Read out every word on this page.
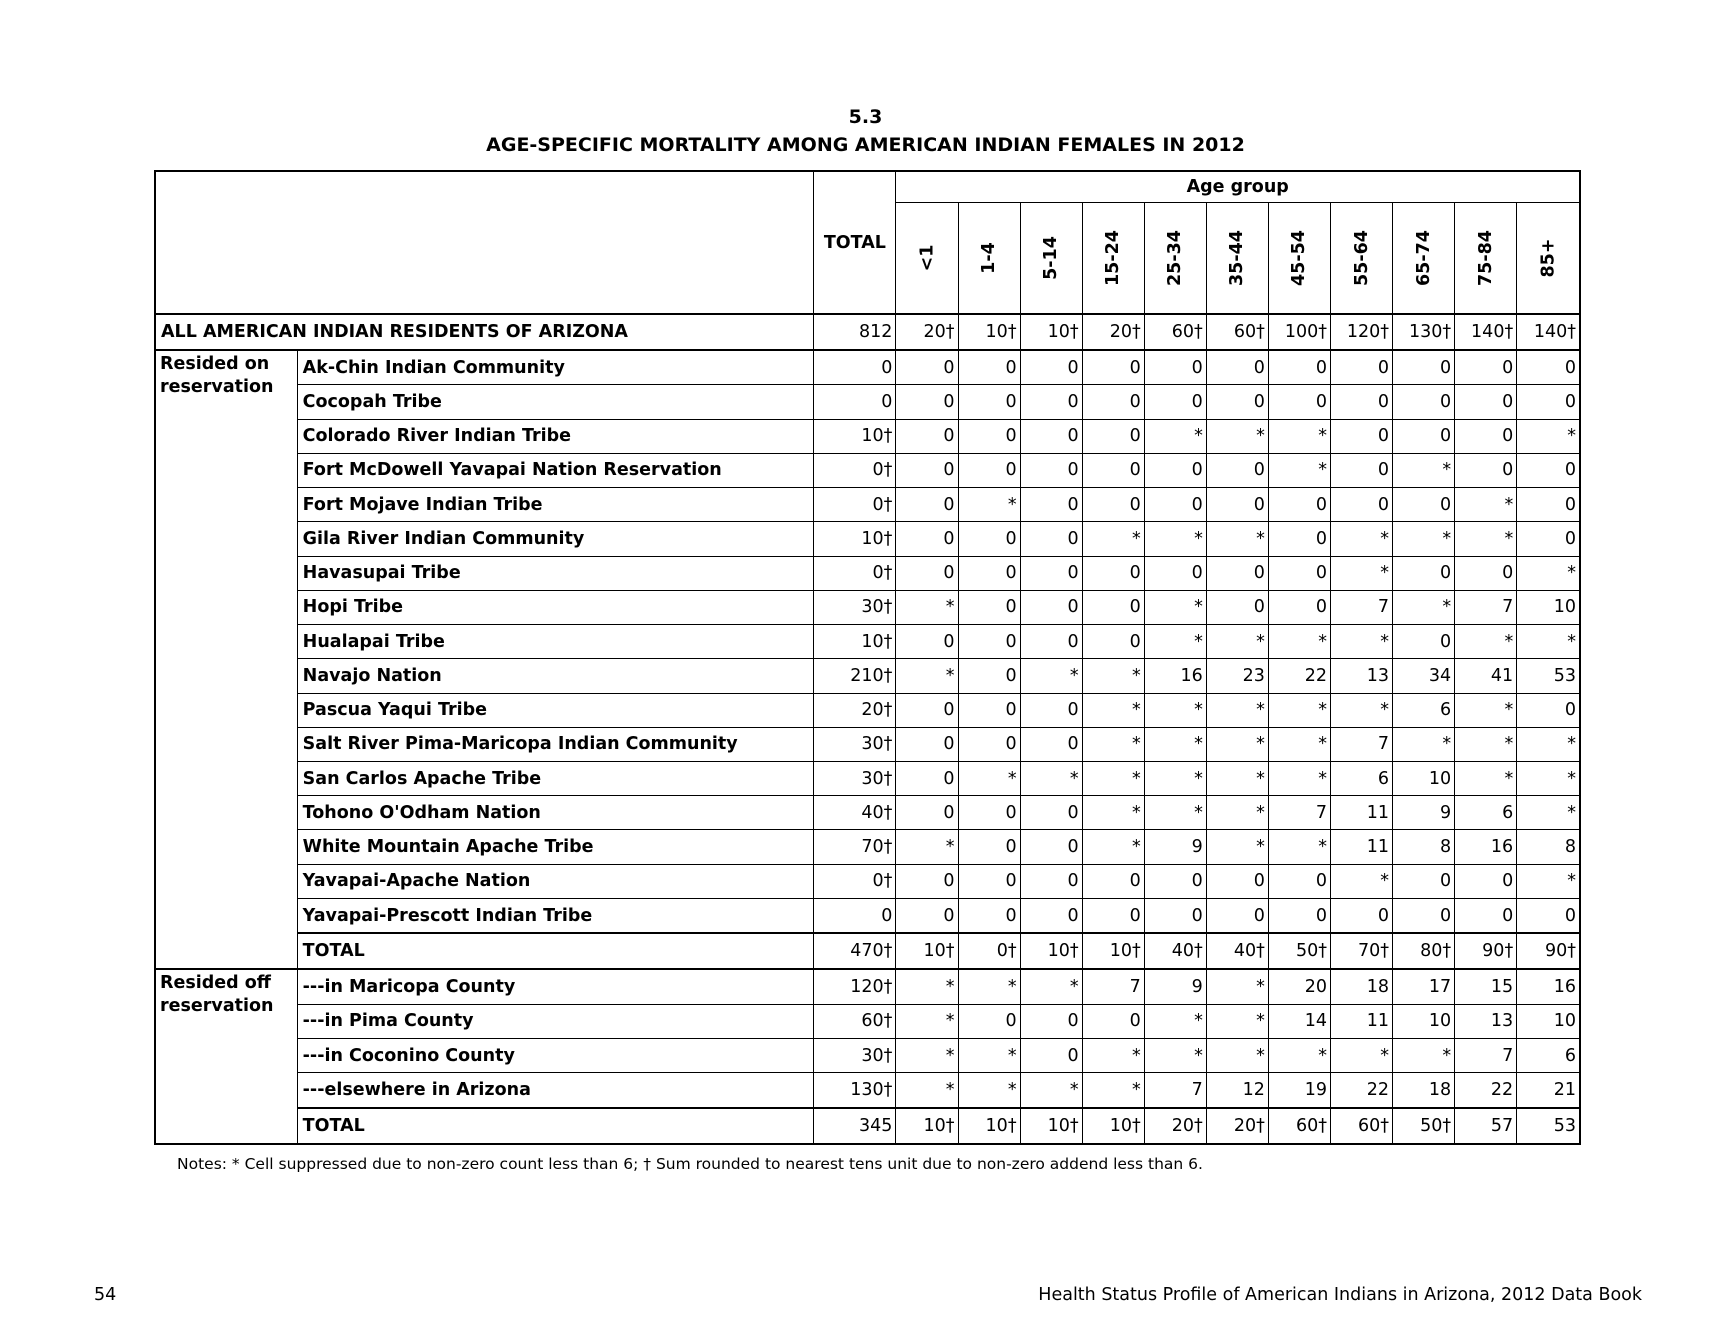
5.3
AGE-SPECIFIC MORTALITY AMONG AMERICAN INDIAN FEMALES IN 2012
		TOTAL	Age group										
			<1	1-4	5-14	15-24	25-34	35-44	45-54	55-64	65-74	75-84	85+
ALL AMERICAN INDIAN RESIDENTS OF ARIZONA		812	20†	10†	10†	20†	60†	60†	100†	120†	130†	140†	140†
Resided on reservation	Ak-Chin Indian Community	0	0	0	0	0	0	0	0	0	0	0	0
	Cocopah Tribe	0	0	0	0	0	0	0	0	0	0	0	0
	Colorado River Indian Tribe	10†	0	0	0	0	*	*	*	0	0	0	*
	Fort McDowell Yavapai Nation Reservation	0†	0	0	0	0	0	0	*	0	*	0	0
	Fort Mojave Indian Tribe	0†	0	*	0	0	0	0	0	0	0	*	0
	Gila River Indian Community	10†	0	0	0	*	*	*	0	*	*	*	0
	Havasupai Tribe	0†	0	0	0	0	0	0	0	*	0	0	*
	Hopi Tribe	30†	*	0	0	0	*	0	0	7	*	7	10
	Hualapai Tribe	10†	0	0	0	0	*	*	*	*	0	*	*
	Navajo Nation	210†	*	0	*	*	16	23	22	13	34	41	53
	Pascua Yaqui Tribe	20†	0	0	0	*	*	*	*	*	6	*	0
	Salt River Pima-Maricopa Indian Community	30†	0	0	0	*	*	*	*	7	*	*	*
	San Carlos Apache Tribe	30†	0	*	*	*	*	*	*	6	10	*	*
	Tohono O'Odham Nation	40†	0	0	0	*	*	*	7	11	9	6	*
	White Mountain Apache Tribe	70†	*	0	0	*	9	*	*	11	8	16	8
	Yavapai-Apache Nation	0†	0	0	0	0	0	0	0	*	0	0	*
	Yavapai-Prescott Indian Tribe	0	0	0	0	0	0	0	0	0	0	0	0
	TOTAL	470†	10†	0†	10†	10†	40†	40†	50†	70†	80†	90†	90†
Resided off reservation	---in Maricopa County	120†	*	*	*	7	9	*	20	18	17	15	16
	---in Pima County	60†	*	0	0	0	*	*	14	11	10	13	10
	---in Coconino County	30†	*	*	0	*	*	*	*	*	*	7	6
	---elsewhere in Arizona	130†	*	*	*	*	7	12	19	22	18	22	21
	TOTAL	345	10†	10†	10†	10†	20†	20†	60†	60†	50†	57	53
Notes: * Cell suppressed due to non-zero count less than 6; † Sum rounded to nearest tens unit due to non-zero addend less than 6.
54	Health Status Profile of American Indians in Arizona, 2012 Data Book
